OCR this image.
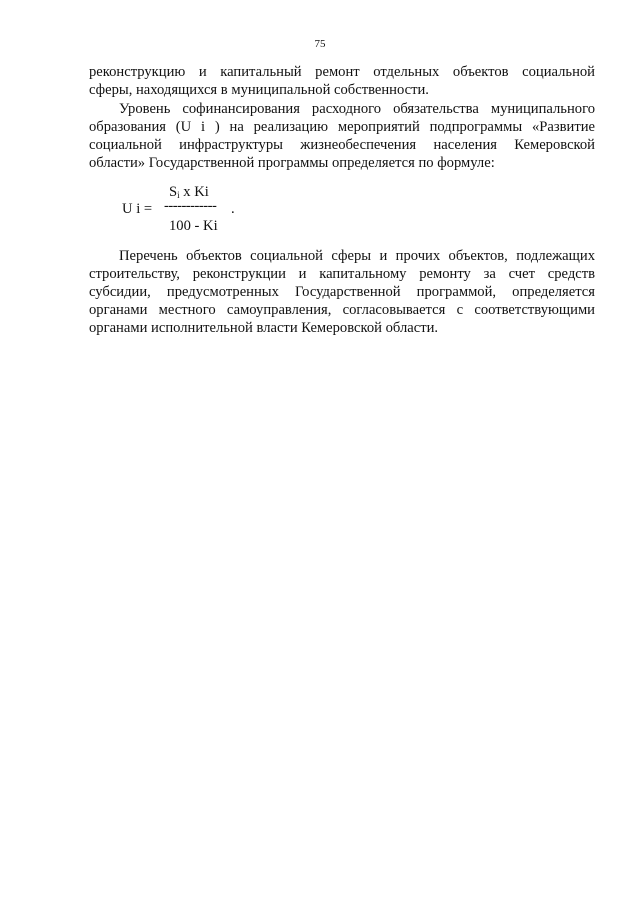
75
реконструкцию и капитальный ремонт отдельных объектов социальной
сферы, находящихся в муниципальной собственности.
Уровень софинансирования расходного обязательства муниципального
образования (U i ) на реализацию мероприятий подпрограммы «Развитие
социальной инфраструктуры жизнеобеспечения населения Кемеровской
области» Государственной программы определяется по формуле:
$S_i$ x Ki
U i = ------------ .
100 - Ki
Перечень объектов социальной сферы и прочих объектов, подлежащих
строительству, реконструкции и капитальному ремонту за счет средств
субсидии, предусмотренных Государственной программой, определяется
органами местного самоуправления, согласовывается с соответствующими
органами исполнительной власти Кемеровской области.
